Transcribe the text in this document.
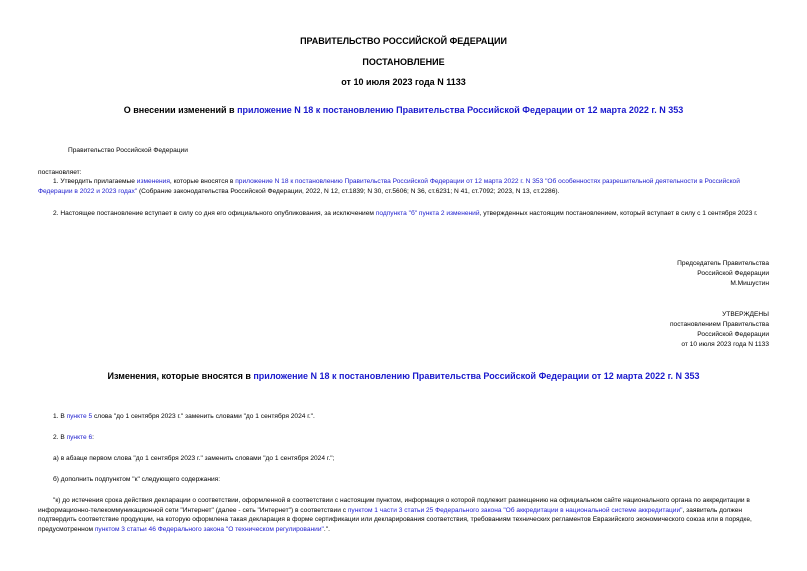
ПРАВИТЕЛЬСТВО РОССИЙСКОЙ ФЕДЕРАЦИИ
ПОСТАНОВЛЕНИЕ
от 10 июля 2023 года N 1133
О внесении изменений в приложение N 18 к постановлению Правительства Российской Федерации от 12 марта 2022 г. N 353
Правительство Российской Федерации
постановляет:
1. Утвердить прилагаемые изменения, которые вносятся в приложение N 18 к постановлению Правительства Российской Федерации от 12 марта 2022 г. N 353 "Об особенностях разрешительной деятельности в Российской Федерации в 2022 и 2023 годах" (Собрание законодательства Российской Федерации, 2022, N 12, ст.1839; N 30, ст.5606; N 36, ст.6231; N 41, ст.7092; 2023, N 13, ст.2286).
2. Настоящее постановление вступает в силу со дня его официального опубликования, за исключением подпункта "б" пункта 2 изменений, утвержденных настоящим постановлением, который вступает в силу с 1 сентября 2023 г.
Председатель Правительства
Российской Федерации
М.Мишустин
УТВЕРЖДЕНЫ
постановлением Правительства
Российской Федерации
от 10 июля 2023 года N 1133
Изменения, которые вносятся в приложение N 18 к постановлению Правительства Российской Федерации от 12 марта 2022 г. N 353
1. В пункте 5 слова "до 1 сентября 2023 г." заменить словами "до 1 сентября 2024 г.".
2. В пункте 6:
а) в абзаце первом слова "до 1 сентября 2023 г." заменить словами "до 1 сентября 2024 г.";
б) дополнить подпунктом "к" следующего содержания:
"к) до истечения срока действия декларации о соответствии, оформленной в соответствии с настоящим пунктом, информация о которой подлежит размещению на официальном сайте национального органа по аккредитации в информационно-телекоммуникационной сети "Интернет" (далее - сеть "Интернет") в соответствии с пунктом 1 части 3 статьи 25 Федерального закона "Об аккредитации в национальной системе аккредитации", заявитель должен подтвердить соответствие продукции, на которую оформлена такая декларация в форме сертификации или декларирования соответствия, требованиям технических регламентов Евразийского экономического союза или в порядке, предусмотренном пунктом 3 статьи 46 Федерального закона "О техническом регулировании".".
